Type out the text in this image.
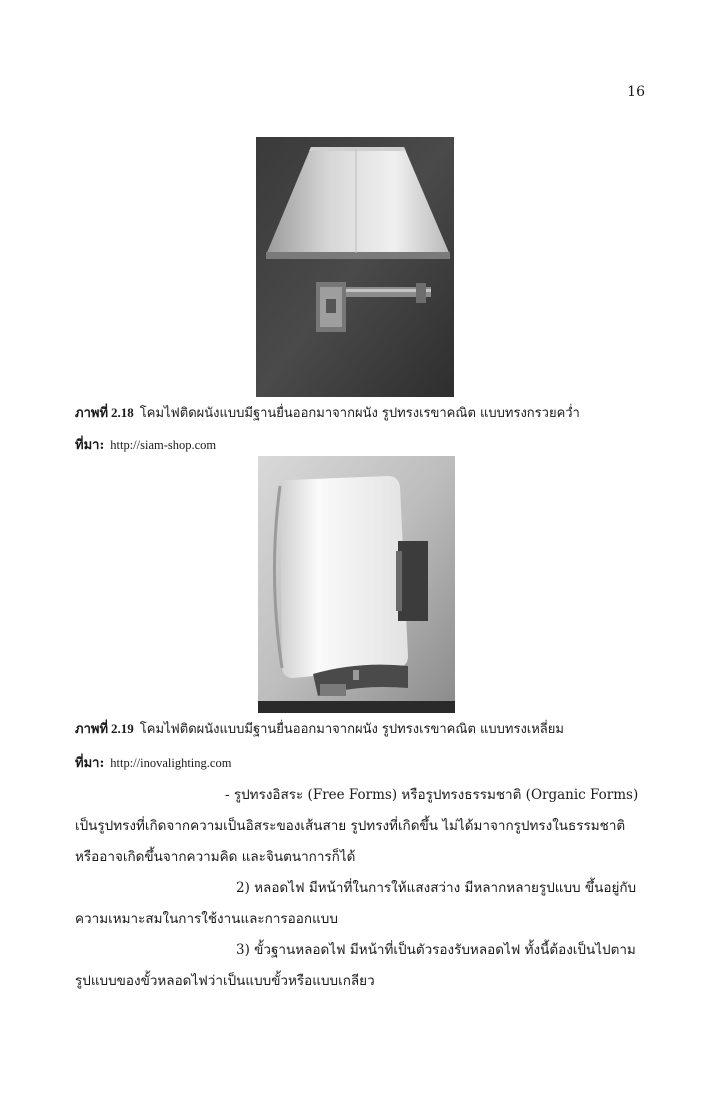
16
ภาพที่ 2.18 โคมไฟติดผนังแบบมีฐานยื่นออกมาจากผนัง รูปทรงเรขาคณิต แบบทรงกรวยคว่ำ
ที่มา: http://siam-shop.com
ภาพที่ 2.19 โคมไฟติดผนังแบบมีฐานยื่นออกมาจากผนัง รูปทรงเรขาคณิต แบบทรงเหลี่ยม
ที่มา: http://inovalighting.com
- รูปทรงอิสระ (Free Forms) หรือรูปทรงธรรมชาติ (Organic Forms)
เป็นรูปทรงที่เกิดจากความเป็นอิสระของเส้นสาย รูปทรงที่เกิดขึ้น ไม่ได้มาจากรูปทรงในธรรมชาติ
หรืออาจเกิดขึ้นจากความคิด และจินตนาการก็ได้
2) หลอดไฟ มีหน้าที่ในการให้แสงสว่าง มีหลากหลายรูปแบบ ขึ้นอยู่กับ
ความเหมาะสมในการใช้งานและการออกแบบ
3) ขั้วฐานหลอดไฟ มีหน้าที่เป็นตัวรองรับหลอดไฟ ทั้งนี้ต้องเป็นไปตาม
รูปแบบของขั้วหลอดไฟว่าเป็นแบบขั้วหรือแบบเกลียว
